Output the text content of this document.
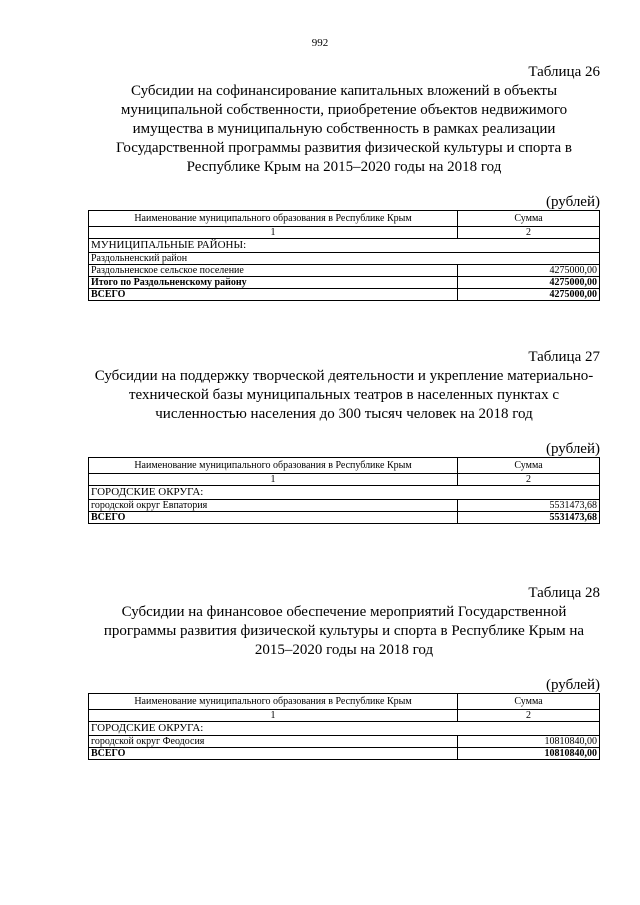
992
Таблица 26
Субсидии на софинансирование капитальных вложений в объекты муниципальной собственности, приобретение объектов недвижимого имущества в муниципальную собственность в рамках реализации Государственной программы развития физической культуры и спорта в Республике Крым на 2015–2020 годы на 2018 год
(рублей)
Наименование муниципального образования в Республике Крым	Сумма
1	2
МУНИЦИПАЛЬНЫЕ РАЙОНЫ:	
Раздольненский район	
Раздольненское сельское поселение	4275000,00
Итого по Раздольненскому району	4275000,00
ВСЕГО	4275000,00
Таблица 27
Субсидии на поддержку творческой деятельности и укрепление материально-технической базы муниципальных театров в населенных пунктах с численностью населения до 300 тысяч человек на 2018 год
(рублей)
Наименование муниципального образования в Республике Крым	Сумма
1	2
ГОРОДСКИЕ ОКРУГА:	
городской округ Евпатория	5531473,68
ВСЕГО	5531473,68
Таблица 28
Субсидии на финансовое обеспечение мероприятий Государственной программы развития физической культуры и спорта в Республике Крым на 2015–2020 годы на 2018 год
(рублей)
Наименование муниципального образования в Республике Крым	Сумма
1	2
ГОРОДСКИЕ ОКРУГА:	
городской округ Феодосия	10810840,00
ВСЕГО	10810840,00
